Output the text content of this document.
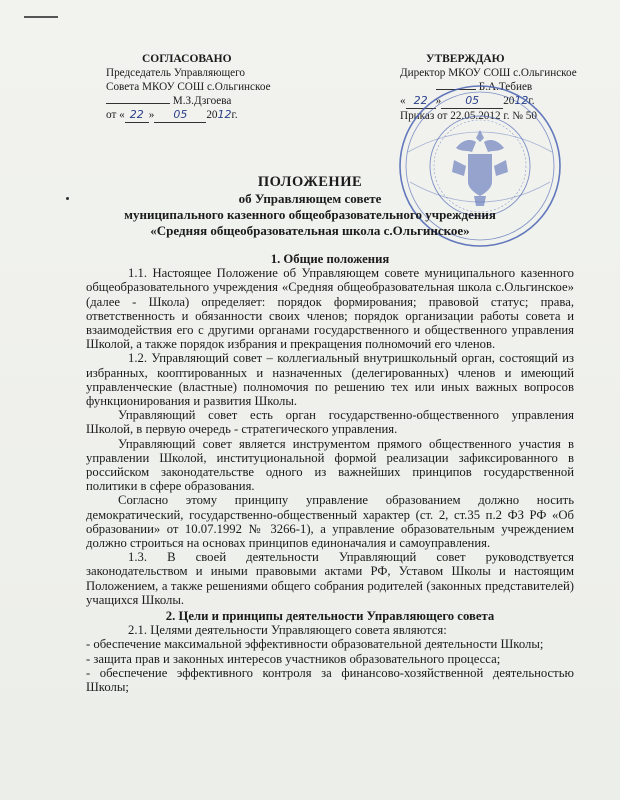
СОГЛАСОВАНО
Председатель Управляющего
Совета МКОУ СОШ с.Ольгинское
М.З.Дзгоева
от « 22 » 05 2012г.
УТВЕРЖДАЮ
Директор МКОУ СОШ с.Ольгинское
Б.А.Тебиев
« 22 » 05 2012г.
Приказ от 22.05.2012 г. № 50
ПОЛОЖЕНИЕ
об Управляющем совете
муниципального казенного общеобразовательного учреждения
«Средняя общеобразовательная школа с.Ольгинское»

1. Общие положения

1.1. Настоящее Положение об Управляющем совете муниципального казенного общеобразовательного учреждения «Средняя общеобразовательная школа с.Ольгинское» (далее - Школа) определяет: порядок формирования; правовой статус; права, ответственность и обязанности своих членов; порядок организации работы совета и взаимодействия его с другими органами государственного и общественного управления Школой, а также порядок избрания и прекращения полномочий его членов.

1.2. Управляющий совет – коллегиальный внутришкольный орган, состоящий из избранных, кооптированных и назначенных (делегированных) членов и имеющий управленческие (властные) полномочия по решению тех или иных важных вопросов функционирования и развития Школы.

Управляющий совет есть орган государственно-общественного управления Школой, в первую очередь - стратегического управления.

Управляющий совет является инструментом прямого общественного участия в управлении Школой, институциональной формой реализации зафиксированного в российском законодательстве одного из важнейших принципов государственной политики в сфере образования.

Согласно этому принципу управление образованием должно носить демократический, государственно-общественный характер (ст. 2, ст.35 п.2 ФЗ РФ «Об образовании» от 10.07.1992 № 3266-1), а управление образовательным учреждением должно строиться на основах принципов единоначалия и самоуправления.

1.3. В своей деятельности Управляющий совет руководствуется законодательством и иными правовыми актами РФ, Уставом Школы и настоящим Положением, а также решениями общего собрания родителей (законных представителей) учащихся Школы.

2. Цели и принципы деятельности Управляющего совета

2.1. Целями деятельности Управляющего совета являются:

- обеспечение максимальной эффективности образовательной деятельности Школы;

- защита прав и законных интересов участников образовательного процесса;

- обеспечение эффективного контроля за финансово-хозяйственной деятельностью Школы;
